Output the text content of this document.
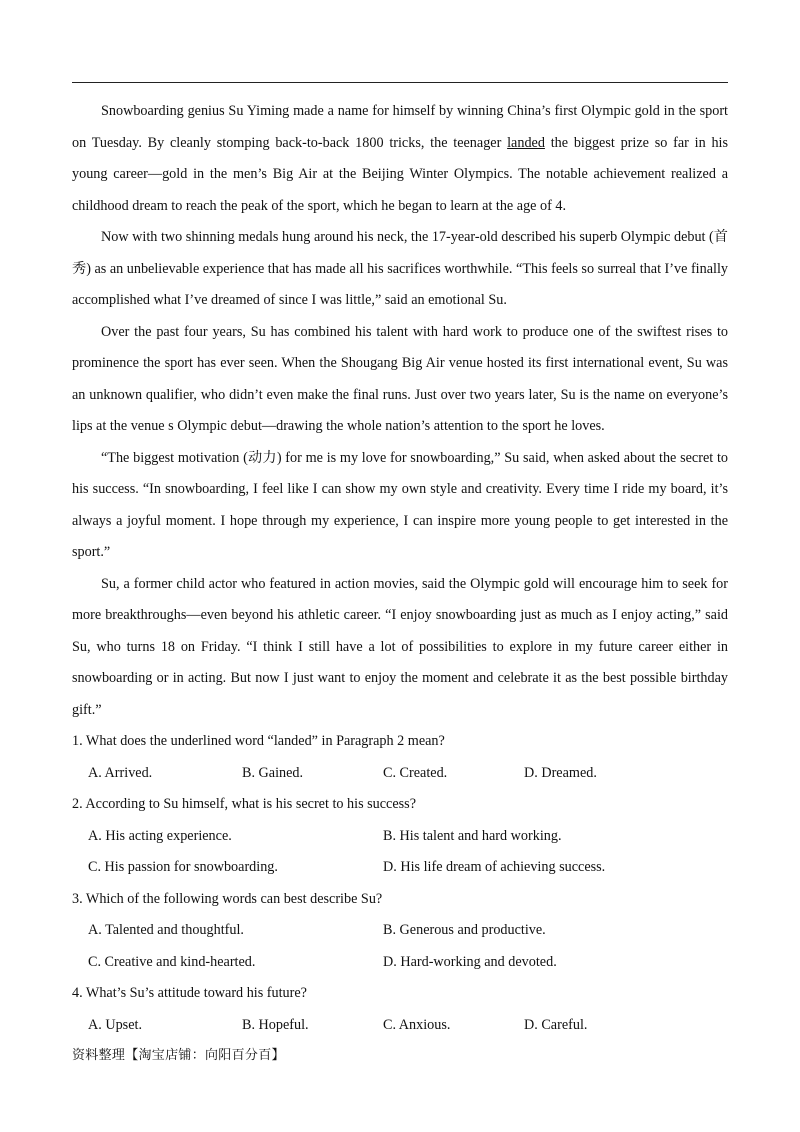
Snowboarding genius Su Yiming made a name for himself by winning China’s first Olympic gold in the sport on Tuesday. By cleanly stomping back-to-back 1800 tricks, the teenager landed the biggest prize so far in his young career—gold in the men’s Big Air at the Beijing Winter Olympics. The notable achievement realized a childhood dream to reach the peak of the sport, which he began to learn at the age of 4.

Now with two shinning medals hung around his neck, the 17-year-old described his superb Olympic debut (首秀) as an unbelievable experience that has made all his sacrifices worthwhile. “This feels so surreal that I’ve finally accomplished what I’ve dreamed of since I was little,” said an emotional Su.

Over the past four years, Su has combined his talent with hard work to produce one of the swiftest rises to prominence the sport has ever seen. When the Shougang Big Air venue hosted its first international event, Su was an unknown qualifier, who didn’t even make the final runs. Just over two years later, Su is the name on everyone’s lips at the venue s Olympic debut—drawing the whole nation’s attention to the sport he loves.

“The biggest motivation (动力) for me is my love for snowboarding,” Su said, when asked about the secret to his success. “In snowboarding, I feel like I can show my own style and creativity. Every time I ride my board, it’s always a joyful moment. I hope through my experience, I can inspire more young people to get interested in the sport.”

Su, a former child actor who featured in action movies, said the Olympic gold will encourage him to seek for more breakthroughs—even beyond his athletic career. “I enjoy snowboarding just as much as I enjoy acting,” said Su, who turns 18 on Friday. “I think I still have a lot of possibilities to explore in my future career either in snowboarding or in acting. But now I just want to enjoy the moment and celebrate it as the best possible birthday gift.”

1. What does the underlined word “landed” in Paragraph 2 mean?

A. Arrived.	B. Gained.	C. Created.	D. Dreamed.

2. According to Su himself, what is his secret to his success?

A. His acting experience.	B. His talent and hard working.
C. His passion for snowboarding.	D. His life dream of achieving success.

3. Which of the following words can best describe Su?

A. Talented and thoughtful.	B. Generous and productive.
C. Creative and kind-hearted.	D. Hard-working and devoted.

4. What’s Su’s attitude toward his future?

A. Upset.	B. Hopeful.	C. Anxious.	D. Careful.
资料整理【淘宝店铺：向阳百分百】
